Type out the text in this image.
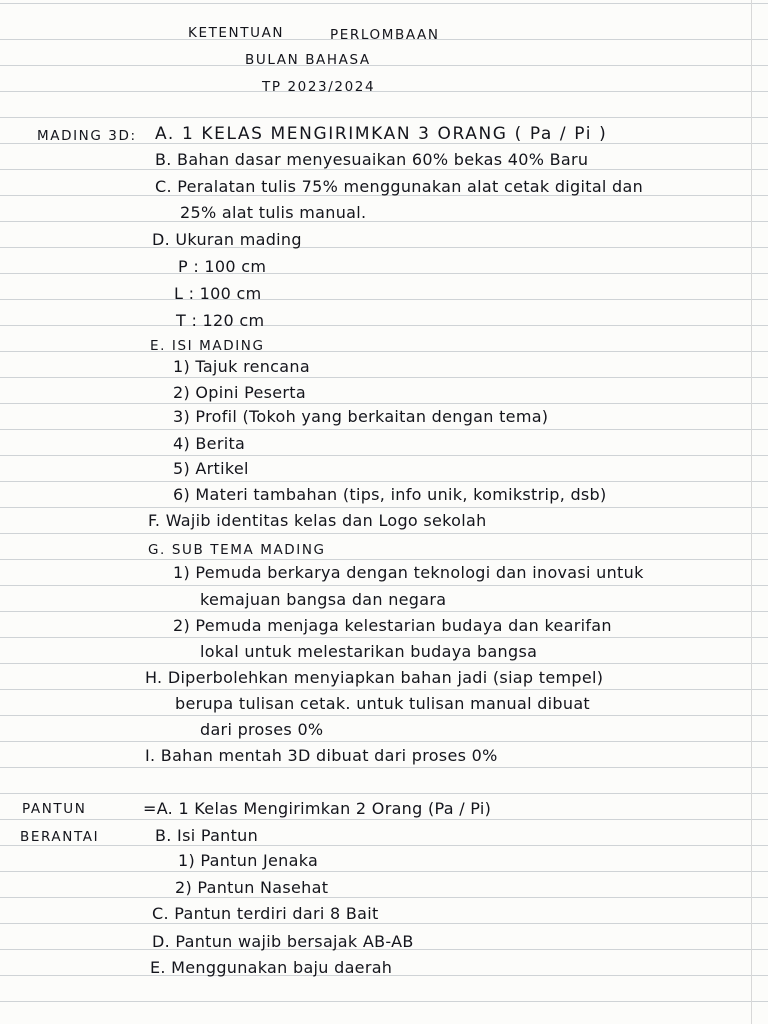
KETENTUAN	PERLOMBAAN
BULAN BAHASA
TP 2023/2024
MADING 3D: A. 1 KELAS MENGIRIMKAN 3 ORANG ( Pa / Pi )
B. Bahan dasar menyesuaikan 60% bekas 40% Baru
C. Peralatan tulis 75% menggunakan alat cetak digital dan
25% alat tulis manual.
D. Ukuran mading
P : 100 cm
L : 100 cm
T : 120 cm
E. ISI MADING
1) Tajuk rencana
2) Opini Peserta
3) Profil (Tokoh yang berkaitan dengan tema)
4) Berita
5) Artikel
6) Materi tambahan (tips, info unik, komikstrip, dsb)
F. Wajib identitas kelas dan Logo sekolah
G. SUB TEMA MADING
1) Pemuda berkarya dengan teknologi dan inovasi untuk
kemajuan bangsa dan negara
2) Pemuda menjaga kelestarian budaya dan kearifan
lokal untuk melestarikan budaya bangsa
H. Diperbolehkan menyiapkan bahan jadi (siap tempel)
berupa tulisan cetak. untuk tulisan manual dibuat
dari proses 0%
I. Bahan mentah 3D dibuat dari proses 0%
PANTUN
BERANTAI
=A. 1 Kelas Mengirimkan 2 Orang (Pa / Pi)
B. Isi Pantun
1) Pantun Jenaka
2) Pantun Nasehat
C. Pantun terdiri dari 8 Bait
D. Pantun wajib bersajak AB-AB
E. Menggunakan baju daerah
